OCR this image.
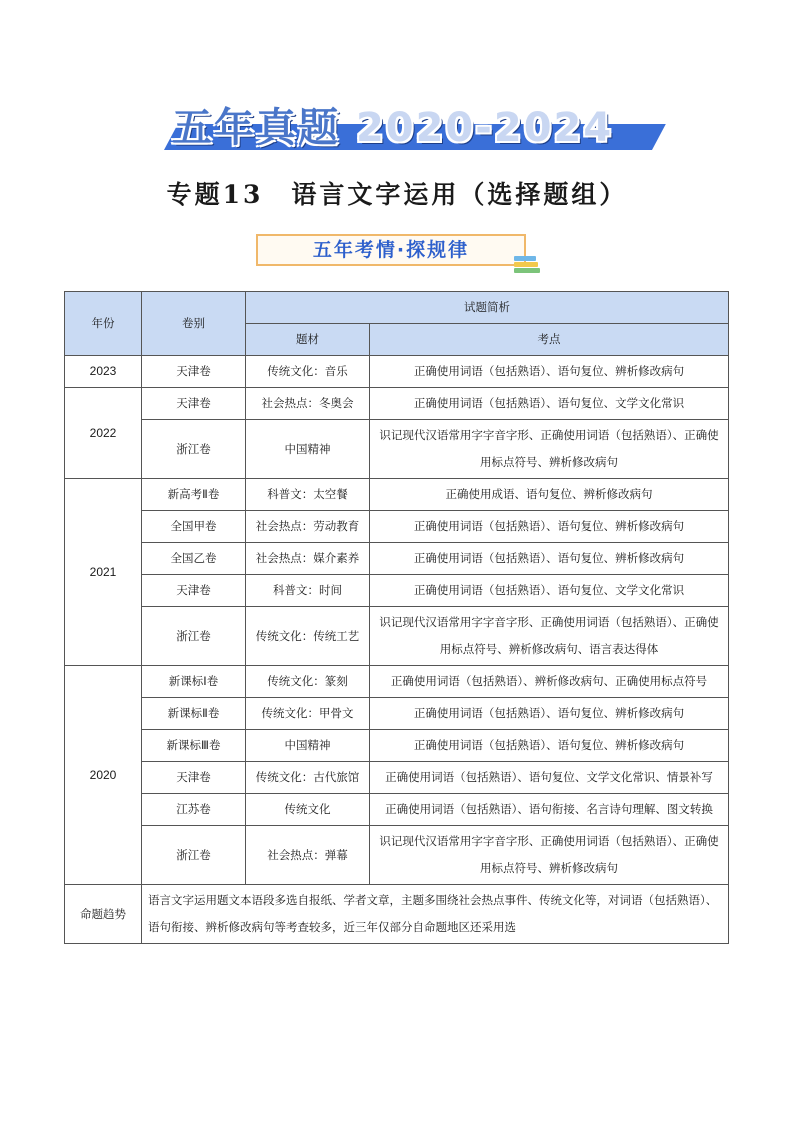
五年真题 2020-2024
专题13　语言文字运用（选择题组）
五年考情·探规律
年份	卷别	试题简析	
		题材	考点
2023	天津卷	传统文化：音乐	正确使用词语（包括熟语）、语句复位、辨析修改病句
2022	天津卷	社会热点：冬奥会	正确使用词语（包括熟语）、语句复位、文学文化常识
	浙江卷	中国精神	识记现代汉语常用字字音字形、正确使用词语（包括熟语）、正确使用标点符号、辨析修改病句
2021	新高考Ⅱ卷	科普文：太空餐	正确使用成语、语句复位、辨析修改病句
	全国甲卷	社会热点：劳动教育	正确使用词语（包括熟语）、语句复位、辨析修改病句
	全国乙卷	社会热点：媒介素养	正确使用词语（包括熟语）、语句复位、辨析修改病句
	天津卷	科普文：时间	正确使用词语（包括熟语）、语句复位、文学文化常识
	浙江卷	传统文化：传统工艺	识记现代汉语常用字字音字形、正确使用词语（包括熟语）、正确使用标点符号、辨析修改病句、语言表达得体
2020	新课标Ⅰ卷	传统文化：篆刻	正确使用词语（包括熟语）、辨析修改病句、正确使用标点符号
	新课标Ⅱ卷	传统文化：甲骨文	正确使用词语（包括熟语）、语句复位、辨析修改病句
	新课标Ⅲ卷	中国精神	正确使用词语（包括熟语）、语句复位、辨析修改病句
	天津卷	传统文化：古代旅馆	正确使用词语（包括熟语）、语句复位、文学文化常识、情景补写
	江苏卷	传统文化	正确使用词语（包括熟语）、语句衔接、名言诗句理解、图文转换
	浙江卷	社会热点：弹幕	识记现代汉语常用字字音字形、正确使用词语（包括熟语）、正确使用标点符号、辨析修改病句
命题趋势	语言文字运用题文本语段多选自报纸、学者文章，主题多围绕社会热点事件、传统文化等，对词语（包括熟语）、语句衔接、辨析修改病句等考查较多，近三年仅部分自命题地区还采用选		
